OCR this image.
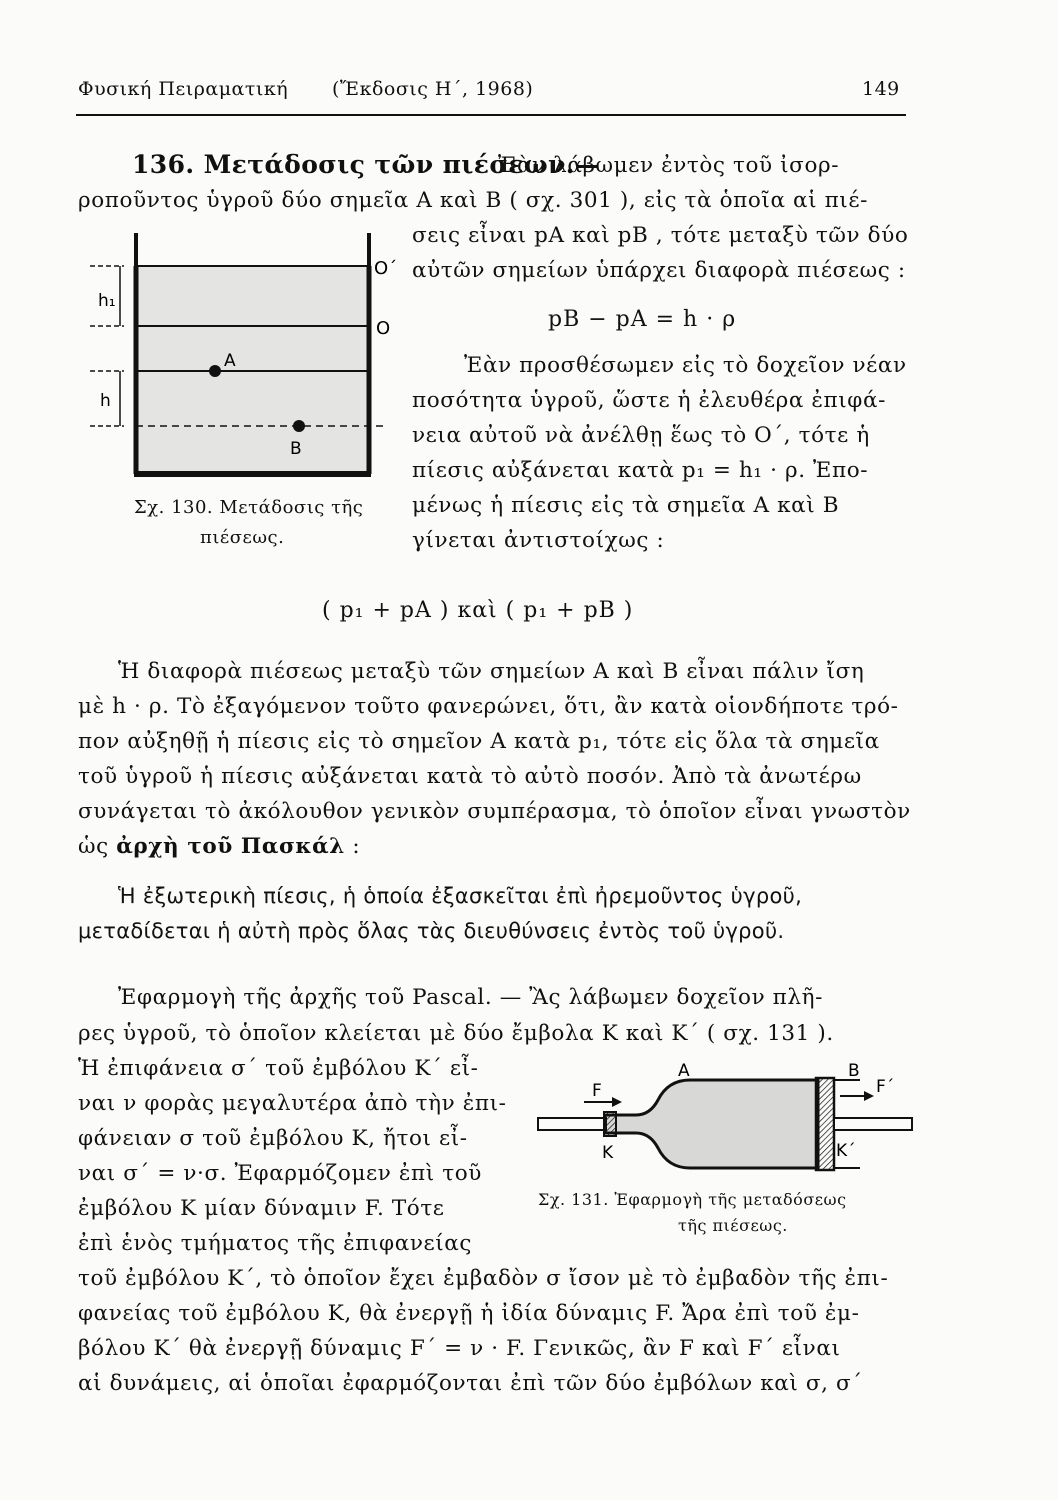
Φυσική Πειραματική (Ἔκδοσις Η΄, 1968)	149
136. Μετάδοσις τῶν πιέσεων.—
Ἐὰν λάβωμεν ἐντὸς τοῦ ἰσορ-
ροποῦντος ὑγροῦ δύο σημεῖα Α καὶ Β ( σχ. 301 ), εἰς τὰ ὁποῖα αἱ πιέ-
σεις εἶναι pΑ καὶ pΒ , τότε μεταξὺ τῶν δύο
αὐτῶν σημείων ὑπάρχει διαφορὰ πιέσεως :
pΒ − pΑ = h · ρ
Ἐὰν προσθέσωμεν εἰς τὸ δοχεῖον νέαν
ποσότητα ὑγροῦ, ὥστε ἡ ἐλευθέρα ἐπιφά-
νεια αὐτοῦ νὰ ἀνέλθῃ ἕως τὸ Ο΄, τότε ἡ
πίεσις αὐξάνεται κατὰ p₁ = h₁ · ρ. Ἐπο-
μένως ἡ πίεσις εἰς τὰ σημεῖα Α καὶ Β
γίνεται ἀντιστοίχως :
h₁
h
O΄
O
A
B
Σχ. 130. Μετάδοσις τῆς
πιέσεως.
( p₁ + pΑ ) καὶ ( p₁ + pΒ )
Ἡ διαφορὰ πιέσεως μεταξὺ τῶν σημείων Α καὶ Β εἶναι πάλιν ἴση
μὲ h · ρ. Τὸ ἐξαγόμενον τοῦτο φανερώνει, ὅτι, ἂν κατὰ οἱονδήποτε τρό-
πον αὐξηθῇ ἡ πίεσις εἰς τὸ σημεῖον Α κατὰ p₁, τότε εἰς ὅλα τὰ σημεῖα
τοῦ ὑγροῦ ἡ πίεσις αὐξάνεται κατὰ τὸ αὐτὸ ποσόν. Ἀπὸ τὰ ἀνωτέρω
συνάγεται τὸ ἀκόλουθον γενικὸν συμπέρασμα, τὸ ὁποῖον εἶναι γνωστὸν
ὡς ἀρχὴ τοῦ Πασκάλ :
Ἡ ἐξωτερικὴ πίεσις, ἡ ὁποία ἐξασκεῖται ἐπὶ ἠρεμοῦντος ὑγροῦ,
μεταδίδεται ἡ αὐτὴ πρὸς ὅλας τὰς διευθύνσεις ἐντὸς τοῦ ὑγροῦ.
Ἐφαρμογὴ τῆς ἀρχῆς τοῦ Pascal. — Ἂς λάβωμεν δοχεῖον πλῆ-
ρες ὑγροῦ, τὸ ὁποῖον κλείεται μὲ δύο ἔμβολα Κ καὶ Κ΄ ( σχ. 131 ).
Ἡ ἐπιφάνεια σ΄ τοῦ ἐμβόλου Κ΄ εἶ-
ναι ν φορὰς μεγαλυτέρα ἀπὸ τὴν ἐπι-
φάνειαν σ τοῦ ἐμβόλου Κ, ἤτοι εἶ-
ναι σ΄ = ν·σ. Ἐφαρμόζομεν ἐπὶ τοῦ
ἐμβόλου Κ μίαν δύναμιν F. Τότε
ἐπὶ ἑνὸς τμήματος τῆς ἐπιφανείας
τοῦ ἐμβόλου Κ΄, τὸ ὁποῖον ἔχει ἐμβαδὸν σ ἴσον μὲ τὸ ἐμβαδὸν τῆς ἐπι-
φανείας τοῦ ἐμβόλου Κ, θὰ ἐνεργῇ ἡ ἰδία δύναμις F. Ἄρα ἐπὶ τοῦ ἐμ-
βόλου Κ΄ θὰ ἐνεργῇ δύναμις F΄ = ν · F. Γενικῶς, ἂν F καὶ F΄ εἶναι
αἱ δυνάμεις, αἱ ὁποῖαι ἐφαρμόζονται ἐπὶ τῶν δύο ἐμβόλων καὶ σ, σ΄
F	F΄
A	B
K	K΄
Σχ. 131. Ἐφαρμογὴ τῆς μεταδόσεως
τῆς πιέσεως.
